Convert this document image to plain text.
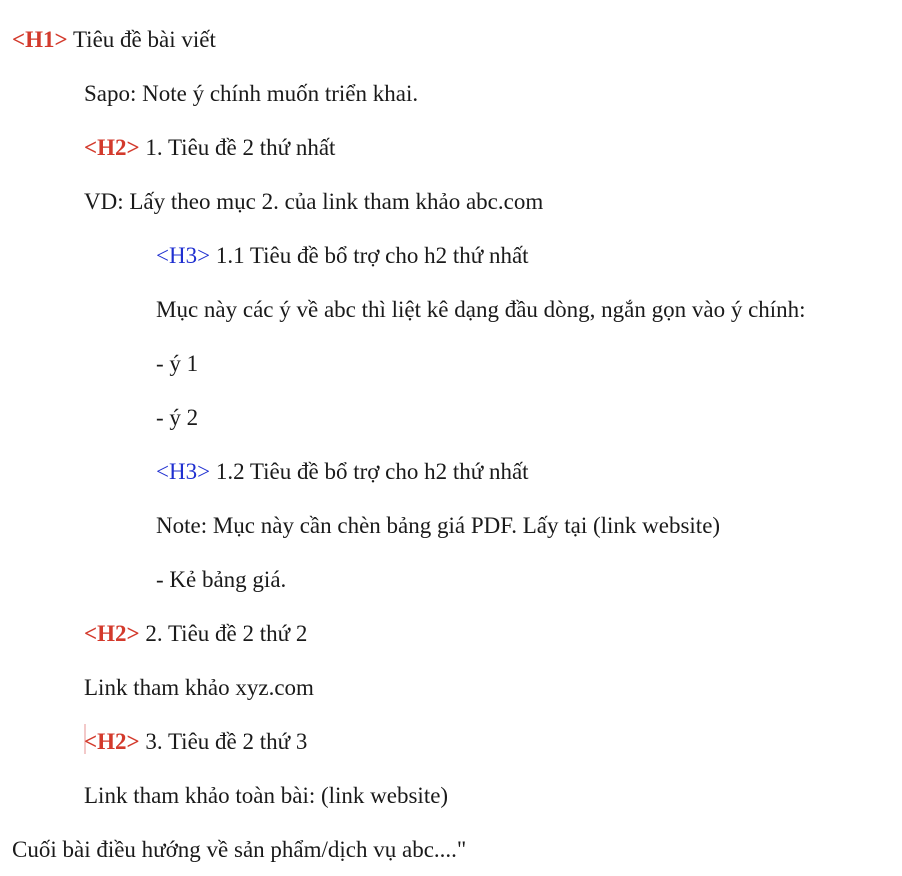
<H1> Tiêu đề bài viết
Sapo: Note ý chính muốn triển khai.
<H2> 1. Tiêu đề 2 thứ nhất
VD: Lấy theo mục 2. của link tham khảo abc.com
<H3> 1.1 Tiêu đề bổ trợ cho h2 thứ nhất
Mục này các ý về abc thì liệt kê dạng đầu dòng, ngắn gọn vào ý chính:
- ý 1
- ý 2
<H3> 1.2 Tiêu đề bổ trợ cho h2 thứ nhất
Note: Mục này cần chèn bảng giá PDF. Lấy tại (link website)
- Kẻ bảng giá.
<H2> 2. Tiêu đề 2 thứ 2
Link tham khảo xyz.com
<H2> 3. Tiêu đề 2 thứ 3
Link tham khảo toàn bài: (link website)
Cuối bài điều hướng về sản phẩm/dịch vụ abc...."
